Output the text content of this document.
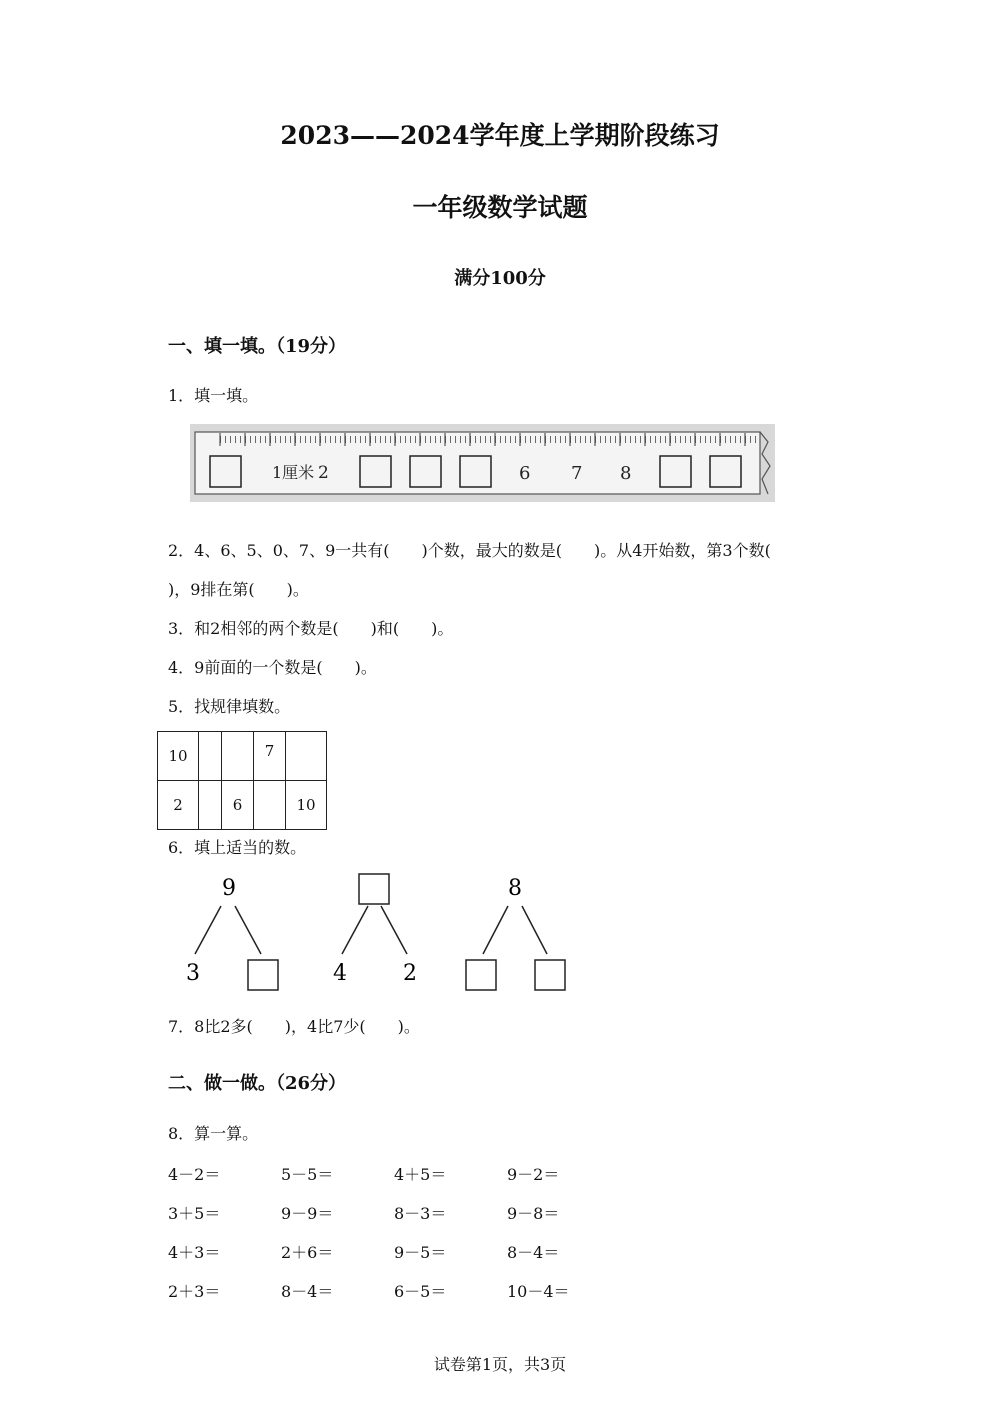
2023——2024学年度上学期阶段练习
一年级数学试题
满分100分
一、填一填。（19分）
1．填一填。
1厘米 2	6 7 8
2．4、6、5、0、7、9一共有(　　)个数，最大的数是(　　)。从4开始数，第3个数(
)，9排在第(　　)。
3．和2相邻的两个数是(　　)和(　　)。
4．9前面的一个数是(　　)。
5．找规律填数。
10			7	
2		6		10
6．填上适当的数。
9
3	4	2
8
7．8比2多(　　)，4比7少(　　)。
二、做一做。（26分）
8．算一算。
4－2＝	5－5＝	4＋5＝	9－2＝
3＋5＝	9－9＝	8－3＝	9－8＝
4＋3＝	2＋6＝	9－5＝	8－4＝
2＋3＝	8－4＝	6－5＝	10－4＝
试卷第1页，共3页
